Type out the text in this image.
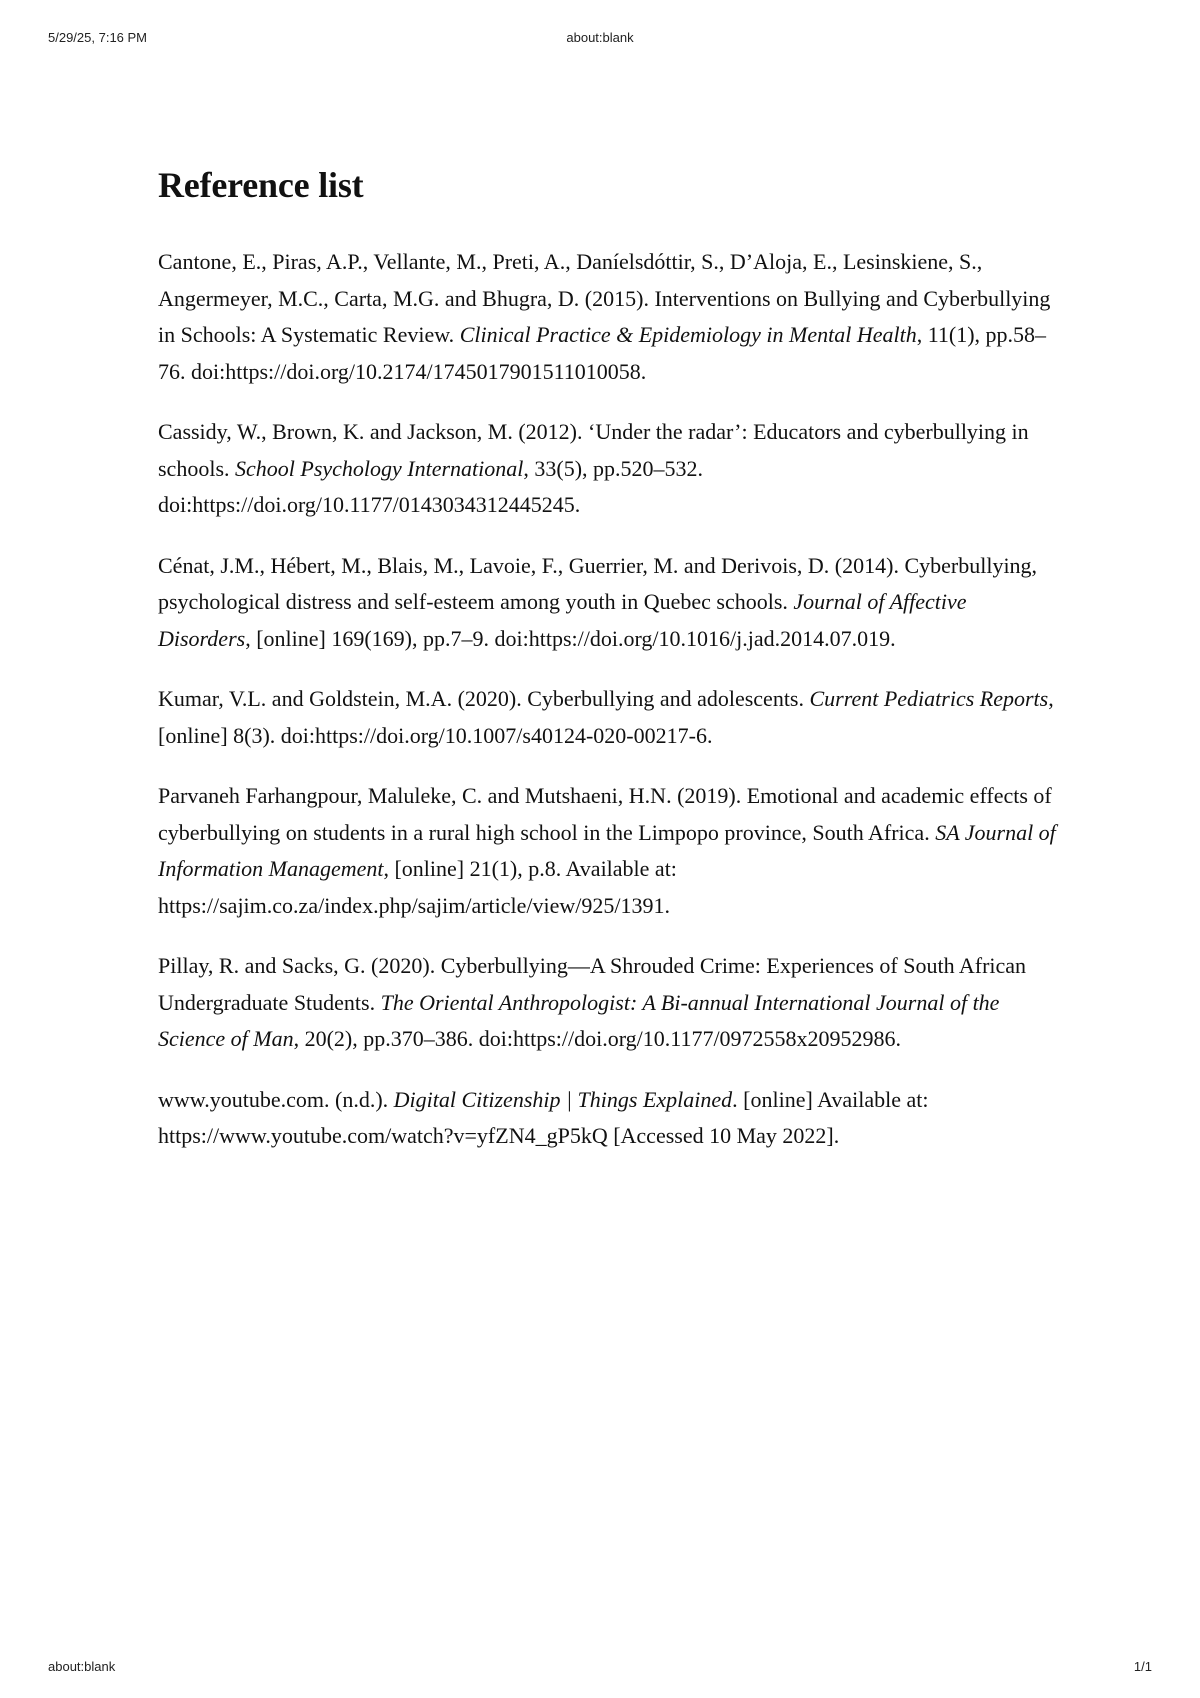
5/29/25, 7:16 PM	about:blank
Reference list
Cantone, E., Piras, A.P., Vellante, M., Preti, A., Daníelsdóttir, S., D’Aloja, E., Lesinskiene, S., Angermeyer, M.C., Carta, M.G. and Bhugra, D. (2015). Interventions on Bullying and Cyberbullying in Schools: A Systematic Review. Clinical Practice & Epidemiology in Mental Health, 11(1), pp.58–76. doi:https://doi.org/10.2174/1745017901511010058.
Cassidy, W., Brown, K. and Jackson, M. (2012). ‘Under the radar’: Educators and cyberbullying in schools. School Psychology International, 33(5), pp.520–532. doi:https://doi.org/10.1177/0143034312445245.
Cénat, J.M., Hébert, M., Blais, M., Lavoie, F., Guerrier, M. and Derivois, D. (2014). Cyberbullying, psychological distress and self-esteem among youth in Quebec schools. Journal of Affective Disorders, [online] 169(169), pp.7–9. doi:https://doi.org/10.1016/j.jad.2014.07.019.
Kumar, V.L. and Goldstein, M.A. (2020). Cyberbullying and adolescents. Current Pediatrics Reports, [online] 8(3). doi:https://doi.org/10.1007/s40124-020-00217-6.
Parvaneh Farhangpour, Maluleke, C. and Mutshaeni, H.N. (2019). Emotional and academic effects of cyberbullying on students in a rural high school in the Limpopo province, South Africa. SA Journal of Information Management, [online] 21(1), p.8. Available at: https://sajim.co.za/index.php/sajim/article/view/925/1391.
Pillay, R. and Sacks, G. (2020). Cyberbullying—A Shrouded Crime: Experiences of South African Undergraduate Students. The Oriental Anthropologist: A Bi-annual International Journal of the Science of Man, 20(2), pp.370–386. doi:https://doi.org/10.1177/0972558x20952986.
www.youtube.com. (n.d.). Digital Citizenship | Things Explained. [online] Available at: https://www.youtube.com/watch?v=yfZN4_gP5kQ [Accessed 10 May 2022].
about:blank	1/1
